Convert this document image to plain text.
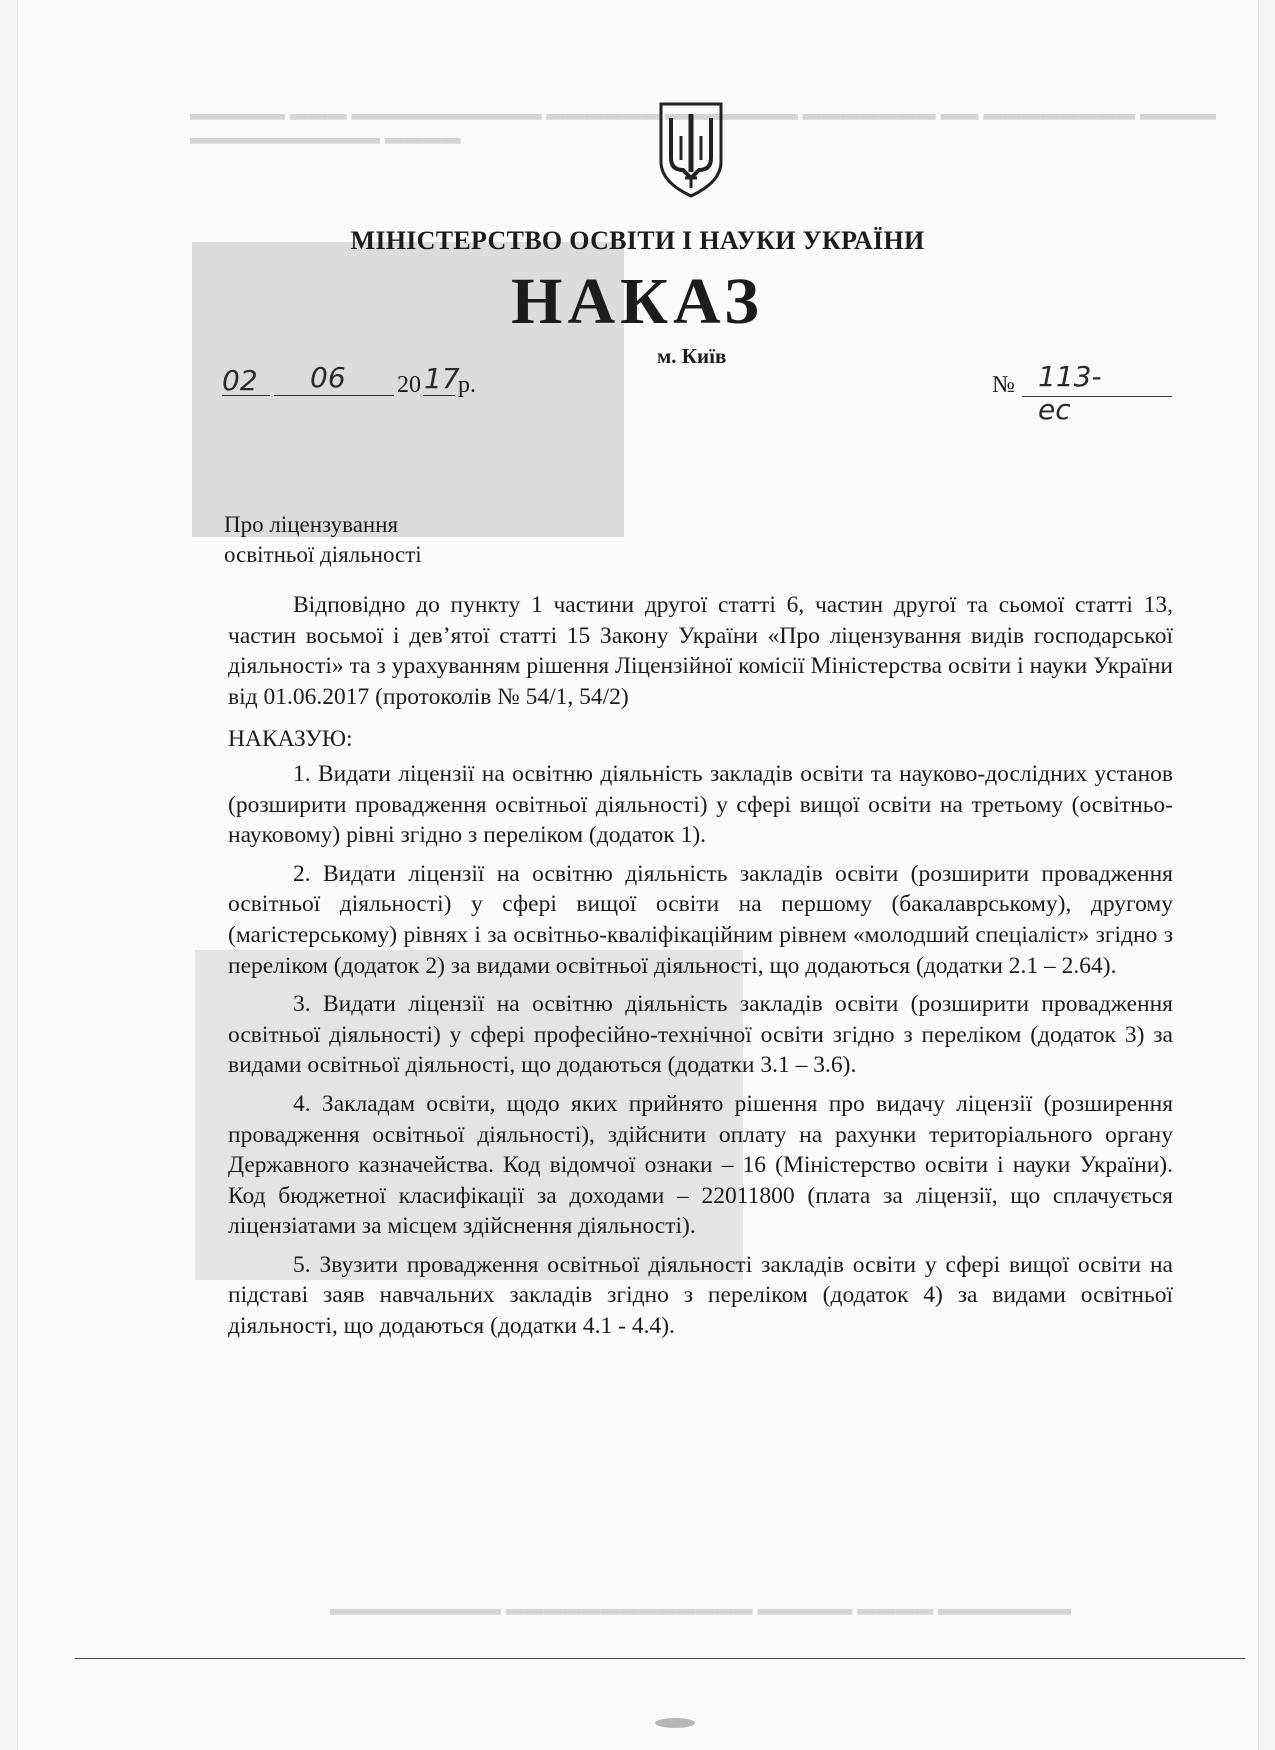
▬▬▬▬▬ ▬▬▬ ▬▬▬▬▬▬▬▬▬▬ ▬▬▬▬▬▬ ▬▬▬▬▬▬▬ ▬▬▬▬▬▬▬ ▬▬ ▬▬▬▬▬▬▬▬ ▬▬▬▬
▬▬▬▬▬▬▬▬▬▬ ▬▬▬▬
▬▬▬▬▬▬▬▬▬ ▬▬▬▬▬▬▬▬▬▬▬▬▬ ▬▬▬▬▬ ▬▬▬▬ ▬▬▬▬▬▬▬
МІНІСТЕРСТВО ОСВІТИ І НАУКИ УКРАЇНИ
НАКАЗ
м. Київ
02 06 20 17
р.	№ 113-ес
Про ліцензування
освітньої діяльності

Відповідно до пункту 1 частини другої статті 6, частин другої та сьомої статті 13, частин восьмої і дев’ятої статті 15 Закону України «Про ліцензування видів господарської діяльності» та з урахуванням рішення Ліцензійної комісії Міністерства освіти і науки України від 01.06.2017 (протоколів № 54/1, 54/2)

НАКАЗУЮ:

1. Видати ліцензії на освітню діяльність закладів освіти та науково-дослідних установ (розширити провадження освітньої діяльності) у сфері вищої освіти на третьому (освітньо-науковому) рівні згідно з переліком (додаток 1).

2. Видати ліцензії на освітню діяльність закладів освіти (розширити провадження освітньої діяльності) у сфері вищої освіти на першому (бакалаврському), другому (магістерському) рівнях і за освітньо-кваліфікаційним рівнем «молодший спеціаліст» згідно з переліком (додаток 2) за видами освітньої діяльності, що додаються (додатки 2.1 – 2.64).

3. Видати ліцензії на освітню діяльність закладів освіти (розширити провадження освітньої діяльності) у сфері професійно-технічної освіти згідно з переліком (додаток 3) за видами освітньої діяльності, що додаються (додатки 3.1 – 3.6).

4. Закладам освіти, щодо яких прийнято рішення про видачу ліцензії (розширення провадження освітньої діяльності), здійснити оплату на рахунки територіального органу Державного казначейства. Код відомчої ознаки – 16 (Міністерство освіти і науки України). Код бюджетної класифікації за доходами – 22011800 (плата за ліцензії, що сплачується ліцензіатами за місцем здійснення діяльності).

5. Звузити провадження освітньої діяльності закладів освіти у сфері вищої освіти на підставі заяв навчальних закладів згідно з переліком (додаток 4) за видами освітньої діяльності, що додаються (додатки 4.1 - 4.4).
